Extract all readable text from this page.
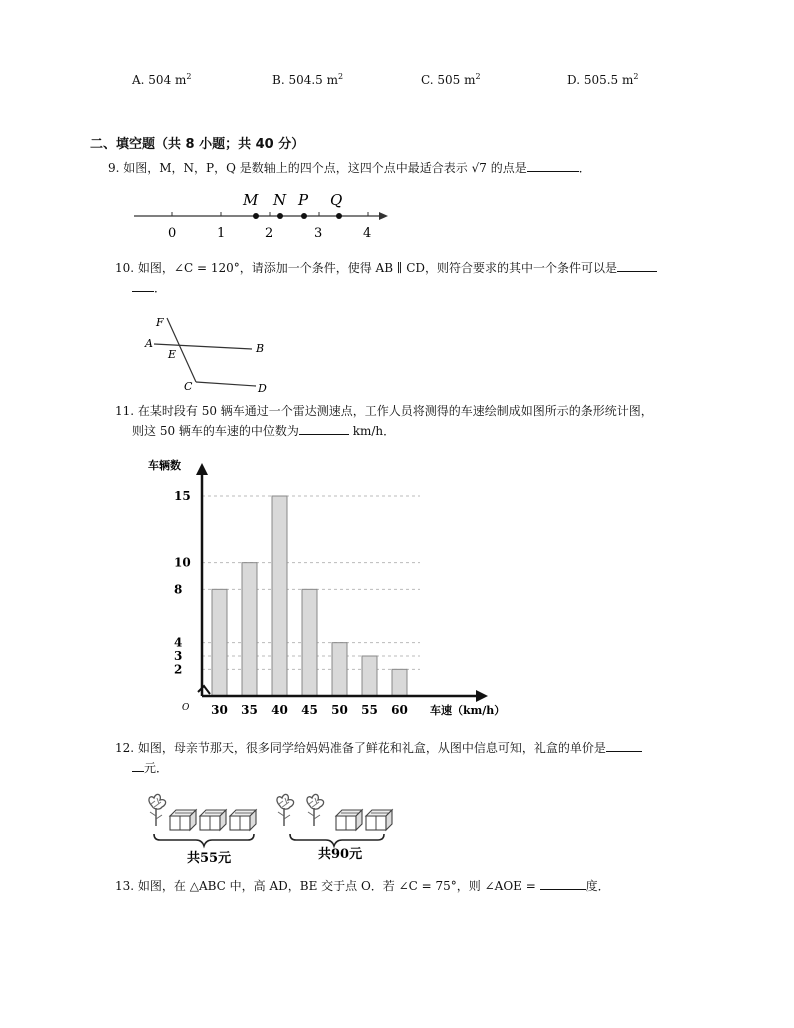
A. 504 $m^2$	B. 504.5 $m^2$	C. 505 $m^2$	D. 505.5 $m^2$
二、填空题（共 8 小题；共 40 分）
9. 如图，M，N，P，Q 是数轴上的四个点，这四个点中最适合表示 √7 的点是	．
0	1	2	3	4
M N P Q
10. 如图，∠C = 120°，请添加一个条件，使得 AB ∥ CD，则符合要求的其中一个条件可以是
．
F
A
E	B
C	D
11. 在某时段有 50 辆车通过一个雷达测速点，工作人员将测得的车速绘制成如图所示的条形统计图，
则这 50 辆车的车速的中位数为	km/h．
2
3
4
8
10
15
30 35 40 45 50 55 60
车辆数
车速（km/h）
O
12. 如图，母亲节那天，很多同学给妈妈准备了鲜花和礼盒，从图中信息可知，礼盒的单价是
元．
共55元	共90元
13. 如图，在 △ABC 中，高 AD，BE 交于点 O．若 ∠C = 75°，则 ∠AOE =	度．
